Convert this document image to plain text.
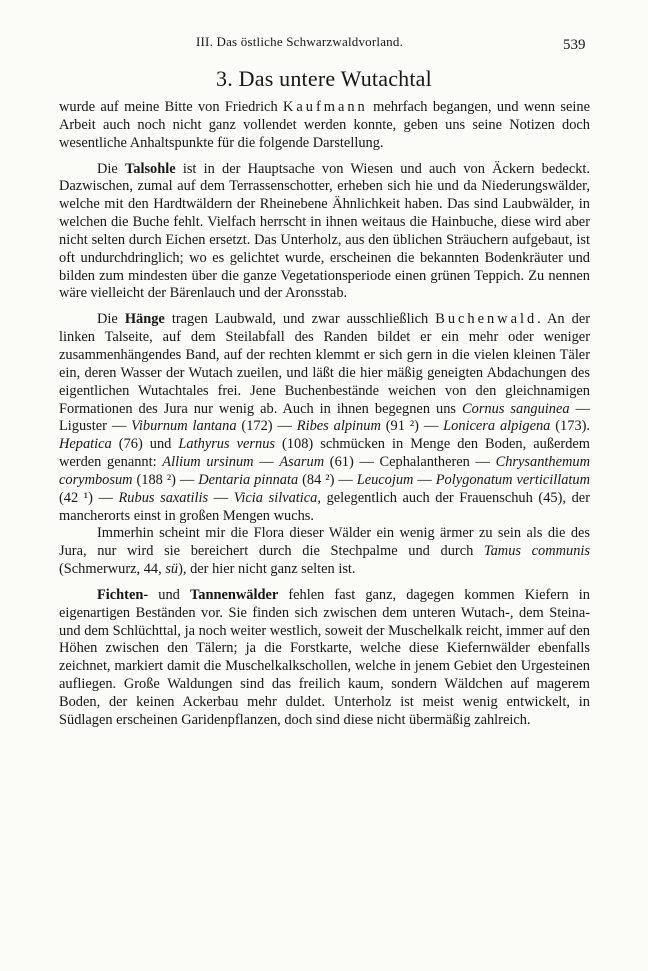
III. Das östliche Schwarzwaldvorland.	539
3. Das untere Wutachtal

wurde auf meine Bitte von Friedrich Kaufmann mehrfach begangen, und wenn seine Arbeit auch noch nicht ganz vollendet werden konnte, geben uns seine Notizen doch wesentliche Anhaltspunkte für die folgende Darstellung.

Die Talsohle ist in der Hauptsache von Wiesen und auch von Äckern bedeckt. Dazwischen, zumal auf dem Terrassenschotter, erheben sich hie und da Niederungswälder, welche mit den Hardtwäldern der Rheinebene Ähnlichkeit haben. Das sind Laubwälder, in welchen die Buche fehlt. Vielfach herrscht in ihnen weitaus die Hainbuche, diese wird aber nicht selten durch Eichen ersetzt. Das Unterholz, aus den üblichen Sträuchern aufgebaut, ist oft undurchdringlich; wo es gelichtet wurde, erscheinen die bekannten Bodenkräuter und bilden zum mindesten über die ganze Vegetationsperiode einen grünen Teppich. Zu nennen wäre vielleicht der Bärenlauch und der Aronsstab.

Die Hänge tragen Laubwald, und zwar ausschließlich Buchenwald. An der linken Talseite, auf dem Steilabfall des Randen bildet er ein mehr oder weniger zusammenhängendes Band, auf der rechten klemmt er sich gern in die vielen kleinen Täler ein, deren Wasser der Wutach zueilen, und läßt die hier mäßig geneigten Abdachungen des eigentlichen Wutachtales frei. Jene Buchenbestände weichen von den gleichnamigen Formationen des Jura nur wenig ab. Auch in ihnen begegnen uns Cornus sanguinea — Liguster — Viburnum lantana (172) — Ribes alpinum (91 ²) — Lonicera alpigena (173). Hepatica (76) und Lathyrus vernus (108) schmücken in Menge den Boden, außerdem werden genannt: Allium ursinum — Asarum (61) — Cephalantheren — Chrysanthemum corymbosum (188 ²) — Dentaria pinnata (84 ²) — Leucojum — Polygonatum verticillatum (42 ¹) — Rubus saxatilis — Vicia silvatica, gelegentlich auch der Frauenschuh (45), der mancherorts einst in großen Mengen wuchs.

Immerhin scheint mir die Flora dieser Wälder ein wenig ärmer zu sein als die des Jura, nur wird sie bereichert durch die Stechpalme und durch Tamus communis (Schmerwurz, 44, sü), der hier nicht ganz selten ist.

Fichten- und Tannenwälder fehlen fast ganz, dagegen kommen Kiefern in eigenartigen Beständen vor. Sie finden sich zwischen dem unteren Wutach-, dem Steina- und dem Schlüchttal, ja noch weiter westlich, soweit der Muschelkalk reicht, immer auf den Höhen zwischen den Tälern; ja die Forstkarte, welche diese Kiefernwälder ebenfalls zeichnet, markiert damit die Muschelkalkschollen, welche in jenem Gebiet den Urgesteinen aufliegen. Große Waldungen sind das freilich kaum, sondern Wäldchen auf magerem Boden, der keinen Ackerbau mehr duldet. Unterholz ist meist wenig entwickelt, in Südlagen erscheinen Garidenpflanzen, doch sind diese nicht übermäßig zahlreich.
